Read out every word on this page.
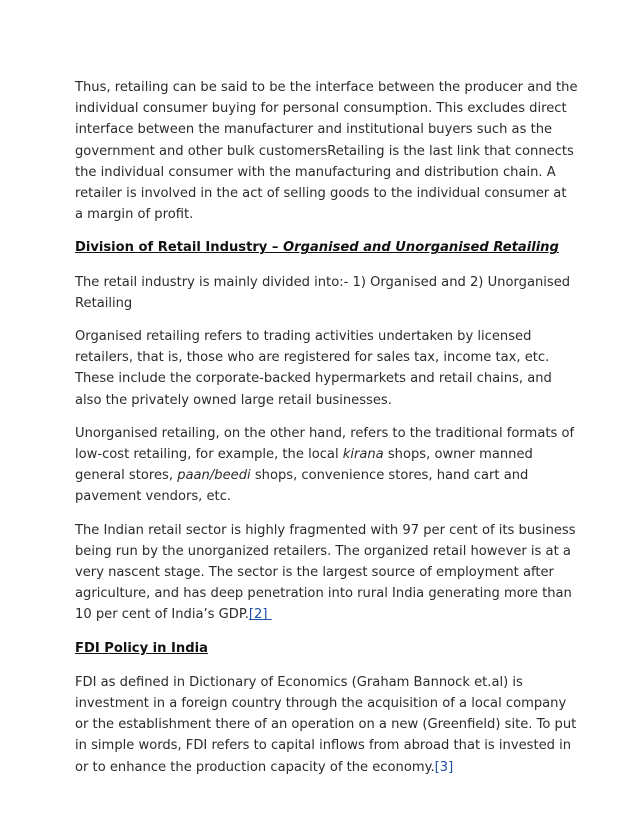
Thus, retailing can be said to be the interface between the producer and the individual consumer buying for personal consumption. This excludes direct interface between the manufacturer and institutional buyers such as the government and other bulk customersRetailing is the last link that connects the individual consumer with the manufacturing and distribution chain. A retailer is involved in the act of selling goods to the individual consumer at a margin of profit.

Division of Retail Industry – Organised and Unorganised Retailing

The retail industry is mainly divided into:- 1) Organised and 2) Unorganised Retailing

Organised retailing refers to trading activities undertaken by licensed retailers, that is, those who are registered for sales tax, income tax, etc. These include the corporate-backed hypermarkets and retail chains, and also the privately owned large retail businesses.

Unorganised retailing, on the other hand, refers to the traditional formats of low-cost retailing, for example, the local kirana shops, owner manned general stores, paan/beedi shops, convenience stores, hand cart and pavement vendors, etc.

The Indian retail sector is highly fragmented with 97 per cent of its business being run by the unorganized retailers. The organized retail however is at a very nascent stage. The sector is the largest source of employment after agriculture, and has deep penetration into rural India generating more than 10 per cent of India’s GDP.[2]

FDI Policy in India

FDI as defined in Dictionary of Economics (Graham Bannock et.al) is investment in a foreign country through the acquisition of a local company or the establishment there of an operation on a new (Greenfield) site. To put in simple words, FDI refers to capital inflows from abroad that is invested in or to enhance the production capacity of the economy.[3]
